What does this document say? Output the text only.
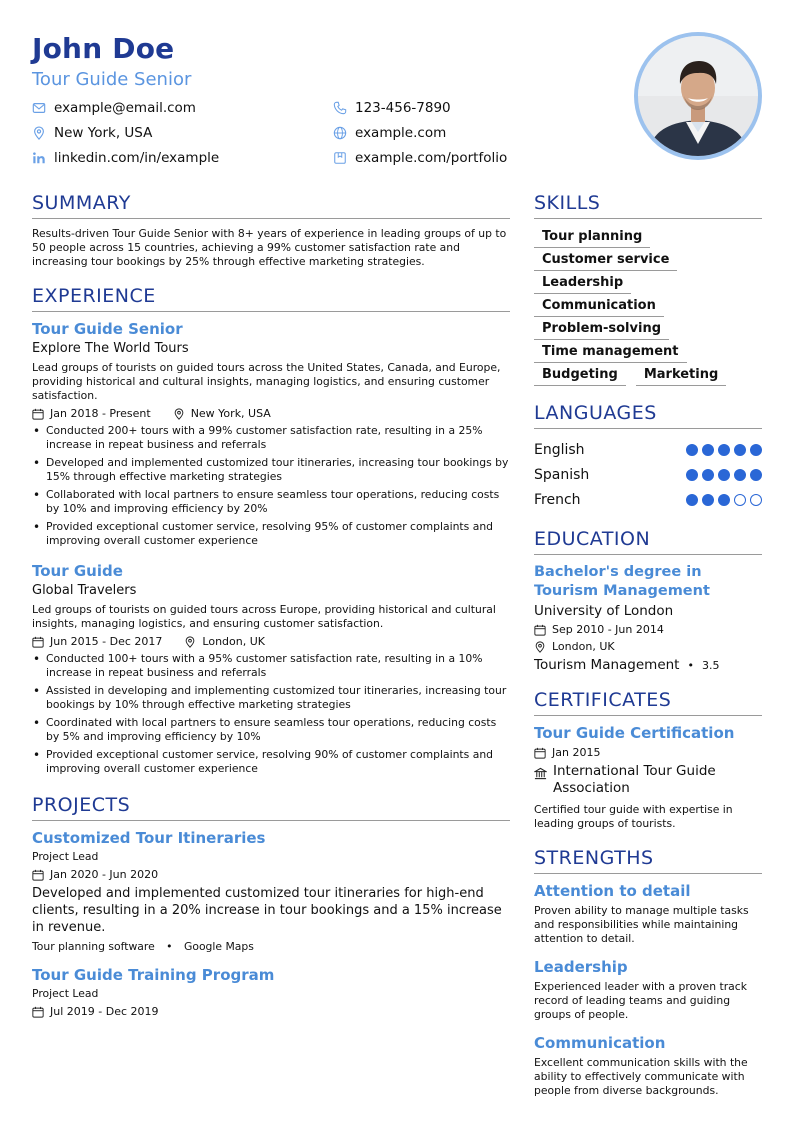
John Doe
Tour Guide Senior
example@email.com	123-456-7890
New York, USA	example.com
linkedin.com/in/example	example.com/portfolio
SUMMARY
Results-driven Tour Guide Senior with 8+ years of experience in leading groups of up to 50 people across 15 countries, achieving a 99% customer satisfaction rate and increasing tour bookings by 25% through effective marketing strategies.
EXPERIENCE
Tour Guide Senior
Explore The World Tours
Lead groups of tourists on guided tours across the United States, Canada, and Europe, providing historical and cultural insights, managing logistics, and ensuring customer satisfaction.
Jan 2018 - Present	New York, USA
• Conducted 200+ tours with a 99% customer satisfaction rate, resulting in a 25% increase in repeat business and referrals
• Developed and implemented customized tour itineraries, increasing tour bookings by 15% through effective marketing strategies
• Collaborated with local partners to ensure seamless tour operations, reducing costs by 10% and improving efficiency by 20%
• Provided exceptional customer service, resolving 95% of customer complaints and improving overall customer experience
Tour Guide
Global Travelers
Led groups of tourists on guided tours across Europe, providing historical and cultural insights, managing logistics, and ensuring customer satisfaction.
Jun 2015 - Dec 2017	London, UK
• Conducted 100+ tours with a 95% customer satisfaction rate, resulting in a 10% increase in repeat business and referrals
• Assisted in developing and implementing customized tour itineraries, increasing tour bookings by 10% through effective marketing strategies
• Coordinated with local partners to ensure seamless tour operations, reducing costs by 5% and improving efficiency by 10%
• Provided exceptional customer service, resolving 90% of customer complaints and improving overall customer experience
PROJECTS
Customized Tour Itineraries
Project Lead
Jan 2020 - Jun 2020
Developed and implemented customized tour itineraries for high-end clients, resulting in a 20% increase in tour bookings and a 15% increase in revenue.
Tour planning software • Google Maps
Tour Guide Training Program
Project Lead
Jul 2019 - Dec 2019
SKILLS
Tour planning
Customer service
Leadership
Communication
Problem-solving
Time management
Budgeting	Marketing
LANGUAGES
English
Spanish
French
EDUCATION
Bachelor's degree in Tourism Management
University of London
Sep 2010 - Jun 2014
London, UK
Tourism Management • 3.5
CERTIFICATES
Tour Guide Certification
Jan 2015
International Tour Guide Association
Certified tour guide with expertise in leading groups of tourists.
STRENGTHS
Attention to detail
Proven ability to manage multiple tasks and responsibilities while maintaining attention to detail.
Leadership
Experienced leader with a proven track record of leading teams and guiding groups of people.
Communication
Excellent communication skills with the ability to effectively communicate with people from diverse backgrounds.
